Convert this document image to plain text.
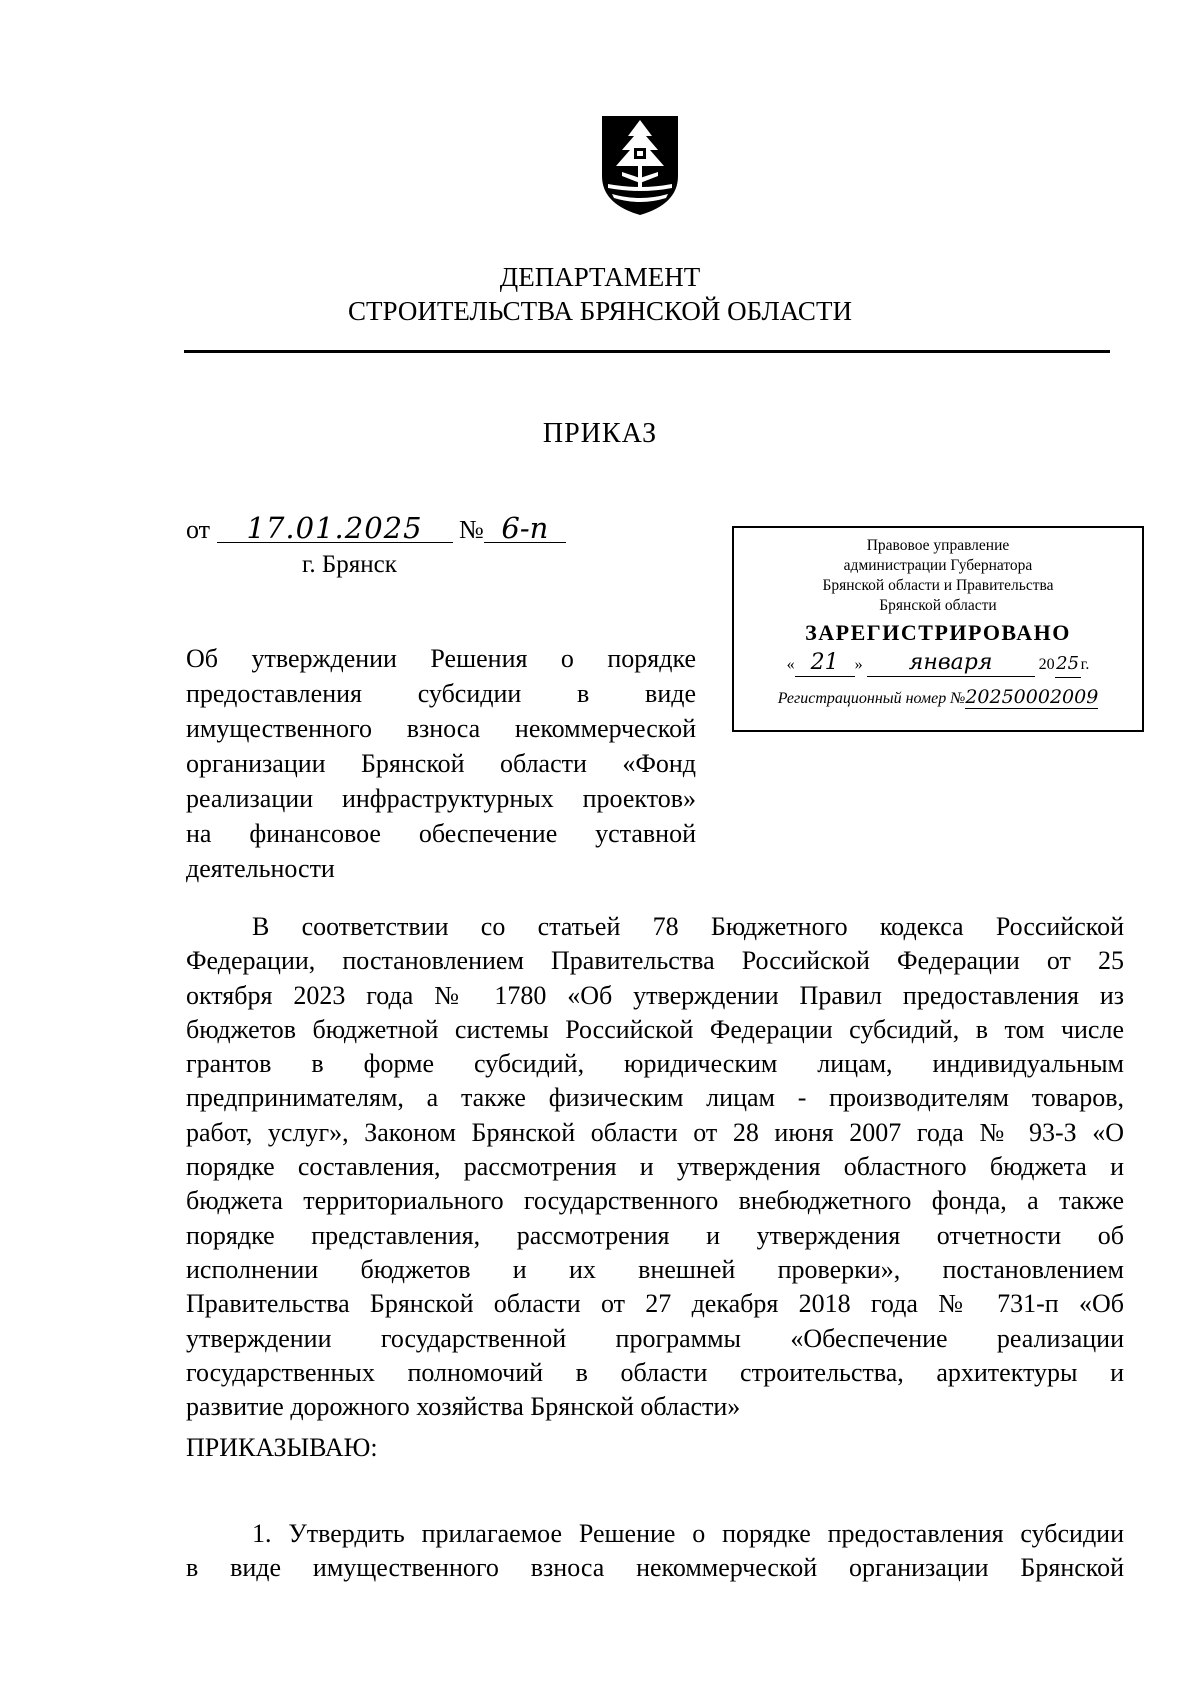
ДЕПАРТАМЕНТ
СТРОИТЕЛЬСТВА БРЯНСКОЙ ОБЛАСТИ
ПРИКАЗ
от 17.01.2025 № 6-п
г. Брянск
Правовое управление
администрации Губернатора
Брянской области и Правительства
Брянской области
ЗАРЕГИСТРИРОВАНО
« 21 » января	2025г.
Регистрационный номер №20250002009
Об утверждении Решения о порядке
предоставления субсидии в виде
имущественного взноса некоммерческой
организации Брянской области «Фонд
реализации инфраструктурных проектов»
на финансовое обеспечение уставной
деятельности
В соответствии со статьей 78 Бюджетного кодекса Российской
Федерации, постановлением Правительства Российской Федерации от 25
октября 2023 года № 1780 «Об утверждении Правил предоставления из
бюджетов бюджетной системы Российской Федерации субсидий, в том числе
грантов в форме субсидий, юридическим лицам, индивидуальным
предпринимателям, а также физическим лицам - производителям товаров,
работ, услуг», Законом Брянской области от 28 июня 2007 года № 93-З «О
порядке составления, рассмотрения и утверждения областного бюджета и
бюджета территориального государственного внебюджетного фонда, а также
порядке представления, рассмотрения и утверждения отчетности об
исполнении бюджетов и их внешней проверки», постановлением
Правительства Брянской области от 27 декабря 2018 года № 731-п «Об
утверждении государственной программы «Обеспечение реализации
государственных полномочий в области строительства, архитектуры и
развитие дорожного хозяйства Брянской области»
ПРИКАЗЫВАЮ:
1. Утвердить прилагаемое Решение о порядке предоставления субсидии
в виде имущественного взноса некоммерческой организации Брянской
